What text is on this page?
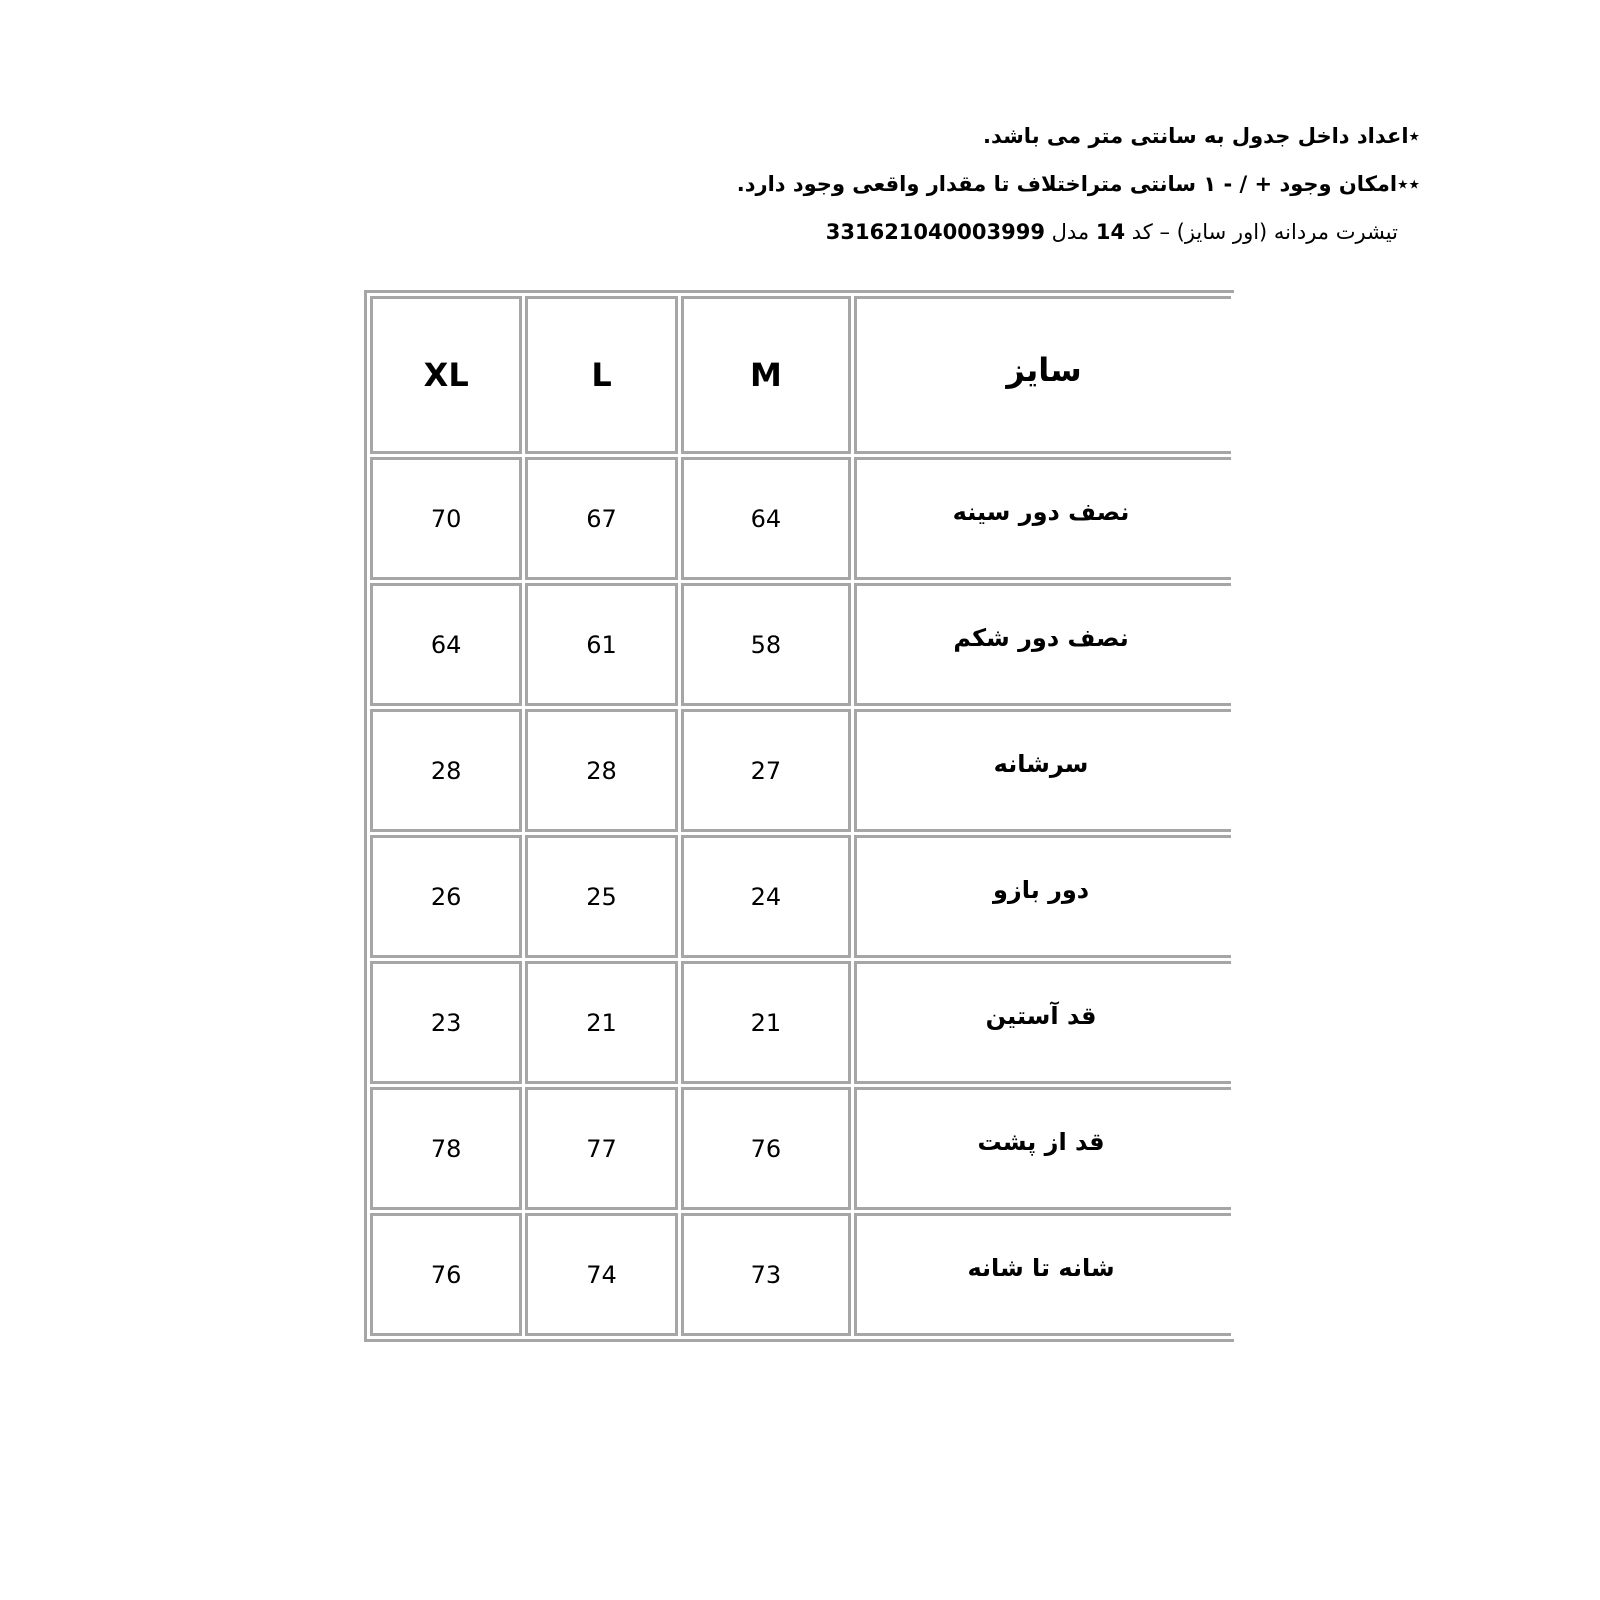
٭اعداد داخل جدول به سانتی متر می باشد.
٭٭امکان وجود + / - ۱ سانتی متراختلاف تا مقدار واقعی وجود دارد.
تیشرت مردانه (اور سایز) – کد 14 مدل 331621040003999
XL	L	M	سایز
70	67	64	نصف دور سینه
64	61	58	نصف دور شکم
28	28	27	سرشانه
26	25	24	دور بازو
23	21	21	قد آستین
78	77	76	قد از پشت
76	74	73	شانه تا شانه
